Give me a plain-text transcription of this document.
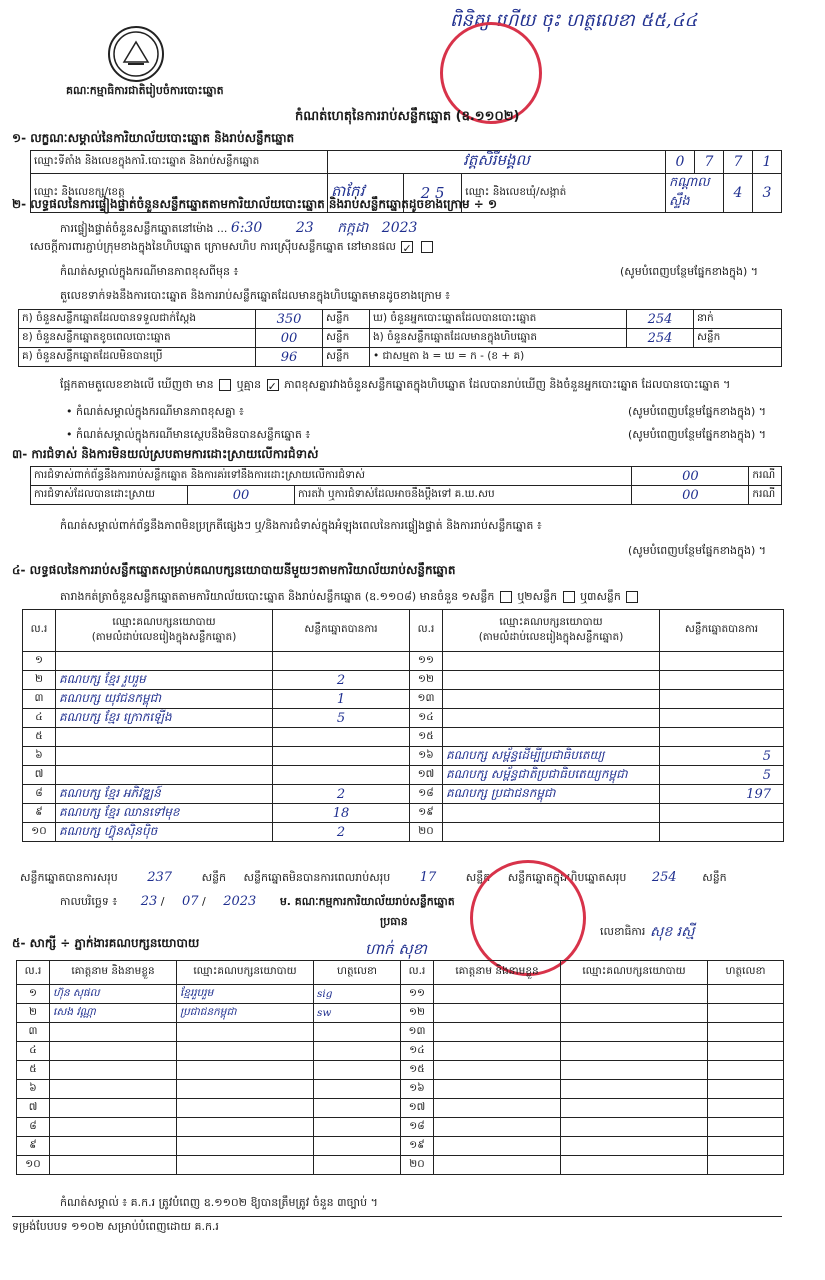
គណៈកម្មាធិការជាតិរៀបចំការបោះឆ្នោត
ពិនិត្យ ហើយ ចុះ ហត្ថលេខា ៥៥,៤៤
កំណត់ហេតុនៃការរាប់សន្លឹកឆ្នោត (ឧ.១១០២)
១- លក្ខណៈសម្គាល់នៃការិយាល័យបោះឆ្នោត និងរាប់សន្លឹកឆ្នោត
ឈ្មោះទីតាំង និងលេខក្នុងការិ.បោះឆ្នោត និងរាប់សន្លឹកឆ្នោត	វត្តសិរីមង្គល			0	7	7	1
ឈ្មោះ និងលេខក្ស/ខេត្ត	តាកែវ	2 5	ឈ្មោះ និងលេខឃុំ/សង្កាត់	កណ្តាលស្ទឹង		4	3
២- លទ្ធផលនៃការផ្ទៀងផ្ទាត់ចំនួនសន្លឹកឆ្នោតតាមការិយាល័យបោះឆ្នោត និងរាប់សន្លឹកឆ្នោតដូចខាងក្រោម ÷ ១
ការផ្ទៀងផ្ទាត់ចំនួនសន្លឹកឆ្នោតនៅម៉ោង ... 6:30 23 កក្កដា 2023
សេចក្តីការពារភ្ជាប់ក្រុមខាងក្នុងនៃហិបឆ្នោត ក្រោមសហិប ការស្រ៊ើបសន្លឹកឆ្នោត នៅមានផល ✓
កំណត់សម្គាល់ក្នុងករណីមានភាពខុសពីមុន ៖	(សូមបំពេញបន្ថែមផ្នែកខាងក្នុង) ។
តួលេខទាក់ទងនឹងការបោះឆ្នោត និងការរាប់សន្លឹកឆ្នោតដែលមានក្នុងហិបឆ្នោតមានដូចខាងក្រោម ៖
ក) ចំនួនសន្លឹកឆ្នោតដែលបានទទួលជាក់ស្តែង	350	សន្លឹក	ឃ) ចំនួនអ្នកបោះឆ្នោតដែលបានបោះឆ្នោត	254	នាក់
ខ) ចំនួនសន្លឹកឆ្នោតខូចពេលបោះឆ្នោត	00	សន្លឹក	ង) ចំនួនសន្លឹកឆ្នោតដែលមានក្នុងហិបឆ្នោត	254	សន្លឹក
គ) ចំនួនសន្លឹកឆ្នោតដែលមិនបានប្រើ	96	សន្លឹក	• ជាសម្មតា ង = ឃ = ក - (ខ + គ)		
ផ្អែកតាមតួលេខខាងលើ ឃើញថា មាន ឬគ្មាន ✓ ភាពខុសគ្នារវាងចំនួនសន្លឹកឆ្នោតក្នុងហិបឆ្នោត ដែលបានរាប់ឃើញ និងចំនួនអ្នកបោះឆ្នោត ដែលបានបោះឆ្នោត ។
• កំណត់សម្គាល់ក្នុងករណីមានភាពខុសគ្នា ៖	(សូមបំពេញបន្ថែមផ្នែកខាងក្នុង) ។
• កំណត់សម្គាល់ក្នុងករណីមានស្ថេបនឹងមិនបានសន្លឹកឆ្នោត ៖	(សូមបំពេញបន្ថែមផ្នែកខាងក្នុង) ។
៣- ការជំទាស់ និងការមិនយល់ស្របតាមការដោះស្រាយលើការជំទាស់
ការជំទាស់ពាក់ព័ន្ធនឹងការរាប់សន្លឹកឆ្នោត និងការគរ់ទៅនឹងការដោះស្រាយលើការជំទាស់			00	ករណី
ការជំទាស់ដែលបានដោះស្រាយ	00	ការតវ៉ា ឬការជំទាស់ដែលអាចនឹងប្តឹងទៅ គ.ឃ.សប	00	ករណី
កំណត់សម្គាល់ពាក់ព័ន្ធនឹងភាពមិនប្រក្រតីផ្សេងៗ ឬ/និងការជំទាស់ក្នុងអំឡុងពេលនៃការផ្ទៀងផ្ទាត់ និងការរាប់សន្លឹកឆ្នោត ៖
(សូមបំពេញបន្ថែមផ្នែកខាងក្នុង) ។
៤- លទ្ធផលនៃការរាប់សន្លឹកឆ្នោតសម្រាប់គណបក្សនយោបាយនីមួយៗតាមការិយាល័យរាប់សន្លឹកឆ្នោត
តារាងកត់ត្រាចំនួនសន្លឹកឆ្នោតតាមការិយាល័យបោះឆ្នោត និងរាប់សន្លឹកឆ្នោត (ឧ.១១០៨) មានចំនួន ១សន្លឹក ឬ២សន្លឹក ឬ៣សន្លឹក
ល.រ	ឈ្មោះគណបក្សនយោបាយ
(តាមលំដាប់លេខរៀងក្នុងសន្លឹកឆ្នោត)	សន្លឹកឆ្នោតបានការ	ល.រ	ឈ្មោះគណបក្សនយោបាយ
(តាមលំដាប់លេខរៀងក្នុងសន្លឹកឆ្នោត)	សន្លឹកឆ្នោតបានការ
១			១១		
២	គណបក្ស ខ្មែរ រួបរួម	2	១២		
៣	គណបក្ស យុវជនកម្ពុជា	1	១៣		
៤	គណបក្ស ខ្មែរ ក្រោកឡើង	5	១៤		
៥			១៥		
៦			១៦	គណបក្ស សម្ព័ន្ធដើម្បីប្រជាធិបតេយ្យ	5
៧			១៧	គណបក្ស សម្ព័ន្ធជាតិប្រជាធិបតេយ្យកម្ពុជា	5
៨	គណបក្ស ខ្មែរ អភិវឌ្ឍន៍	2	១៨	គណបក្ស ប្រជាជនកម្ពុជា	197
៩	គណបក្ស ខ្មែរ ឈានទៅមុខ	18	១៩		
១០	គណបក្ស ហ៊្វុនស៊ិនប៉ិច	2	២០		
សន្លឹកឆ្នោតបានការសរុប 237	សន្លឹក សន្លឹកឆ្នោតមិនបានការពេលរាប់សរុប 17	សន្លឹក សន្លឹកឆ្នោតក្នុងហិបឆ្នោតសរុប 254 សន្លឹក
កាលបរិច្ឆេទ ៖ 23 / 07 / 2023 ម. គណៈកម្មការការិយាល័យរាប់សន្លឹកឆ្នោត
ប្រធាន
ហាក់ សុខា
លេខាធិការ សុខ រស្មី
៥- សាក្សី ÷ ភ្នាក់ងារគណបក្សនយោបាយ
ល.រ	គោត្តនាម និងនាមខ្លួន	ឈ្មោះគណបក្សនយោបាយ	ហត្ថលេខា	ល.រ	គោត្តនាម និងនាមខ្លួន	ឈ្មោះគណបក្សនយោបាយ	ហត្ថលេខា
១	ហ៊ុន សុផល	ខ្មែររួបរួម	sig	១១			
២	សេង វណ្ណា	ប្រជាជនកម្ពុជា	sw	១២			
៣				១៣			
៤				១៤			
៥				១៥			
៦				១៦			
៧				១៧			
៨				១៨			
៩				១៩			
១០				២០			
កំណត់សម្គាល់ ៖ គ.ក.រ ត្រូវបំពេញ ឧ.១១០២ ឱ្យបានត្រឹមត្រូវ ចំនួន ៣ច្បាប់ ។
ទម្រង់បែបបទ ១១០២ សម្រាប់បំពេញដោយ គ.ក.រ
